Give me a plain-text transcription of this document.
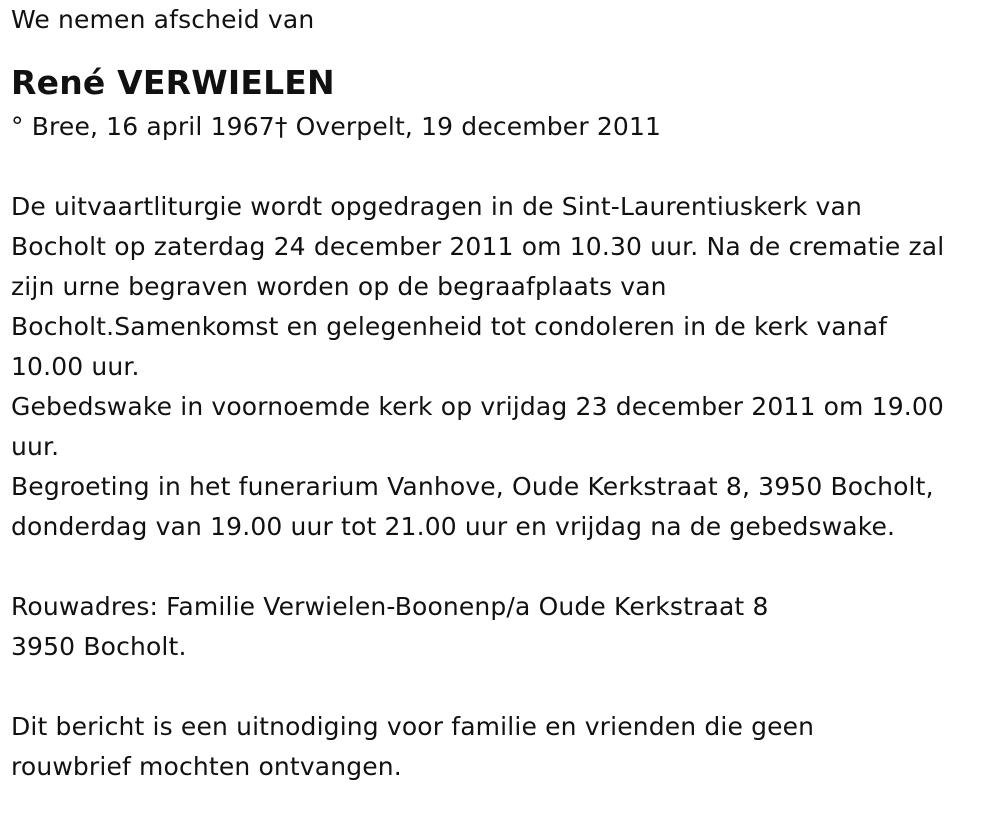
We nemen afscheid van
René VERWIELEN
° Bree, 16 april 1967† Overpelt, 19 december 2011
De uitvaartliturgie wordt opgedragen in de Sint-Laurentiuskerk van
Bocholt op zaterdag 24 december 2011 om 10.30 uur. Na de crematie zal
zijn urne begraven worden op de begraafplaats van
Bocholt.Samenkomst en gelegenheid tot condoleren in de kerk vanaf
10.00 uur.
Gebedswake in voornoemde kerk op vrijdag 23 december 2011 om 19.00
uur.
Begroeting in het funerarium Vanhove, Oude Kerkstraat 8, 3950 Bocholt,
donderdag van 19.00 uur tot 21.00 uur en vrijdag na de gebedswake.
Rouwadres: Familie Verwielen-Boonenp/a Oude Kerkstraat 8
3950 Bocholt.
Dit bericht is een uitnodiging voor familie en vrienden die geen
rouwbrief mochten ontvangen.
